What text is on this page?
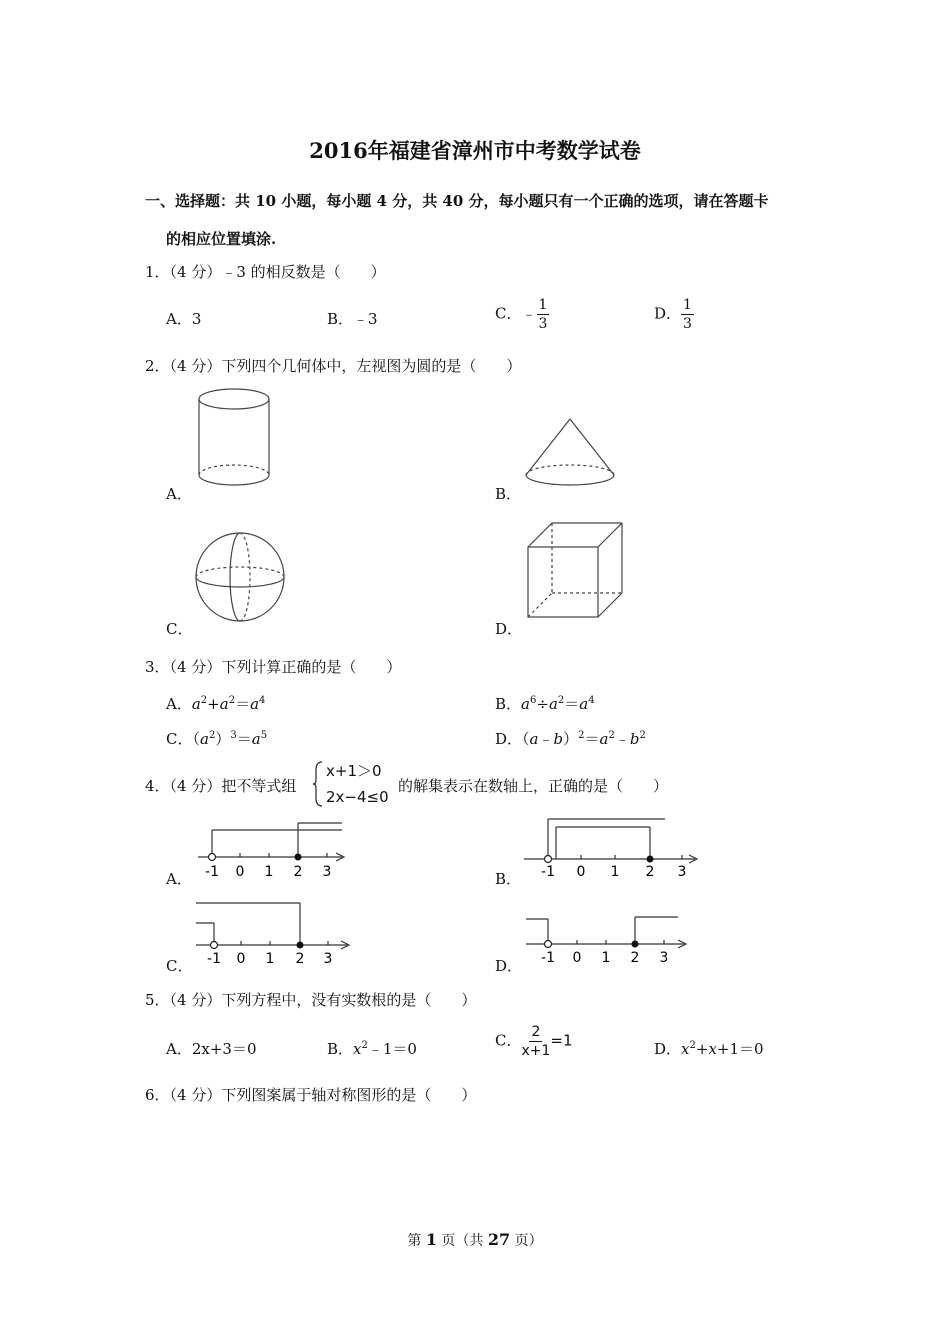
2016年福建省漳州市中考数学试卷
一、选择题：共 10 小题，每小题 4 分，共 40 分，每小题只有一个正确的选项，请在答题卡
的相应位置填涂.
1．（4 分）﹣3 的相反数是（　　）
A．3	B．﹣3	C．﹣ $\frac{1}{3}$	D． $\frac{1}{3}$
2．（4 分）下列四个几何体中，左视图为圆的是（　　）
A．	B．
C．	D．
3．（4 分）下列计算正确的是（　　）
A．$a^2+a^2=a^4$	B．$a^6\div a^2=a^4$
C．$(a^2)^3=a^5$	D．$(a﹣b)^2=a^2﹣b^2$
4．（4 分）把不等式组
x+1＞0
2x−4≤0
的解集表示在数轴上，正确的是（　　）
-1 0 1 2 3
A．	-1 0 1 2 3
B．
-1 0 1 2 3
C．	-1 0 1 2 3
D．
5．（4 分）下列方程中，没有实数根的是（　　）
A．2x+3＝0	B．$x^2﹣1=0$	C． $\frac{2}{x+1} =1$	D．$x^2+x+1=0$
6．（4 分）下列图案属于轴对称图形的是（　　）
第 1 页（共 27 页）
